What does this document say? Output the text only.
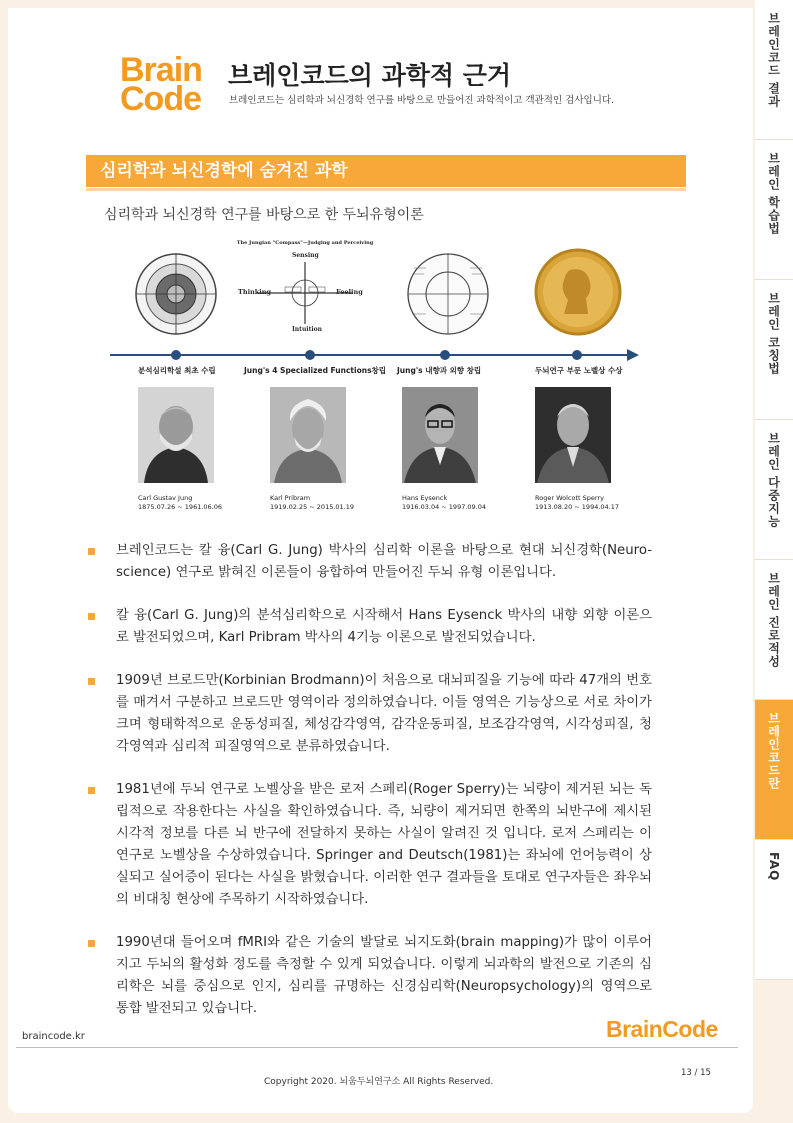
Brain
Code
브레인코드의 과학적 근거
브레인코드는 심리학과 뇌신경학 연구를 바탕으로 만들어진 과학적이고 객관적인 검사입니다.
심리학과 뇌신경학에 숨겨진 과학
심리학과 뇌신경학 연구를 바탕으로 한 두뇌유형이론
The Jungian "Compass"—Judging and Perceiving
Sensing
Thinking	Feeling
Intuition
분석심리학설 최초 수립	Jung's 4 Specialized Functions창립 Jung's 내향과 외향 창립	두뇌연구 부문 노벨상 수상
Carl Gustav Jung
1875.07.26 ~ 1961.06.06
Karl Pribram
1919.02.25 ~ 2015.01.19
Hans Eysenck
1916.03.04 ~ 1997.09.04
Roger Wolcott Sperry
1913.08.20 ~ 1994.04.17
브레인코드는 칼 융(Carl G. Jung) 박사의 심리학 이론을 바탕으로 현대 뇌신경학(Neuro-science) 연구로 밝혀진 이론들이 융합하여 만들어진 두뇌 유형 이론입니다.
칼 융(Carl G. Jung)의 분석심리학으로 시작해서 Hans Eysenck 박사의 내향 외향 이론으로 발전되었으며, Karl Pribram 박사의 4기능 이론으로 발전되었습니다.
1909년 브로드만(Korbinian Brodmann)이 처음으로 대뇌피질을 기능에 따라 47개의 번호를 매겨서 구분하고 브로드만 영역이라 정의하였습니다. 이들 영역은 기능상으로 서로 차이가 크며 형태학적으로 운동성피질, 체성감각영역, 감각운동피질, 보조감각영역, 시각성피질, 청각영역과 심리적 피질영역으로 분류하였습니다.
1981년에 두뇌 연구로 노벨상을 받은 로저 스페리(Roger Sperry)는 뇌량이 제거된 뇌는 독립적으로 작용한다는 사실을 확인하였습니다. 즉, 뇌량이 제거되면 한쪽의 뇌반구에 제시된 시각적 정보를 다른 뇌 반구에 전달하지 못하는 사실이 알려진 것 입니다. 로저 스페리는 이 연구로 노벨상을 수상하였습니다. Springer and Deutsch(1981)는 좌뇌에 언어능력이 상실되고 실어증이 된다는 사실을 밝혔습니다. 이러한 연구 결과들을 토대로 연구자들은 좌우뇌의 비대칭 현상에 주목하기 시작하였습니다.
1990년대 들어오며 fMRI와 같은 기술의 발달로 뇌지도화(brain mapping)가 많이 이루어지고 두뇌의 활성화 정도를 측정할 수 있게 되었습니다. 이렇게 뇌과학의 발전으로 기존의 심리학은 뇌를 중심으로 인지, 심리를 규명하는 신경심리학(Neuropsychology)의 영역으로 통합 발전되고 있습니다.
braincode.kr	BrainCode
Copyright 2020. 뇌움두뇌연구소 All Rights Reserved.
13 / 15
브레인코드 결과
브레인 학습법
브레인 코칭법
브레인 다중지능
브레인 진로적성
브레인코드란
FAQ
